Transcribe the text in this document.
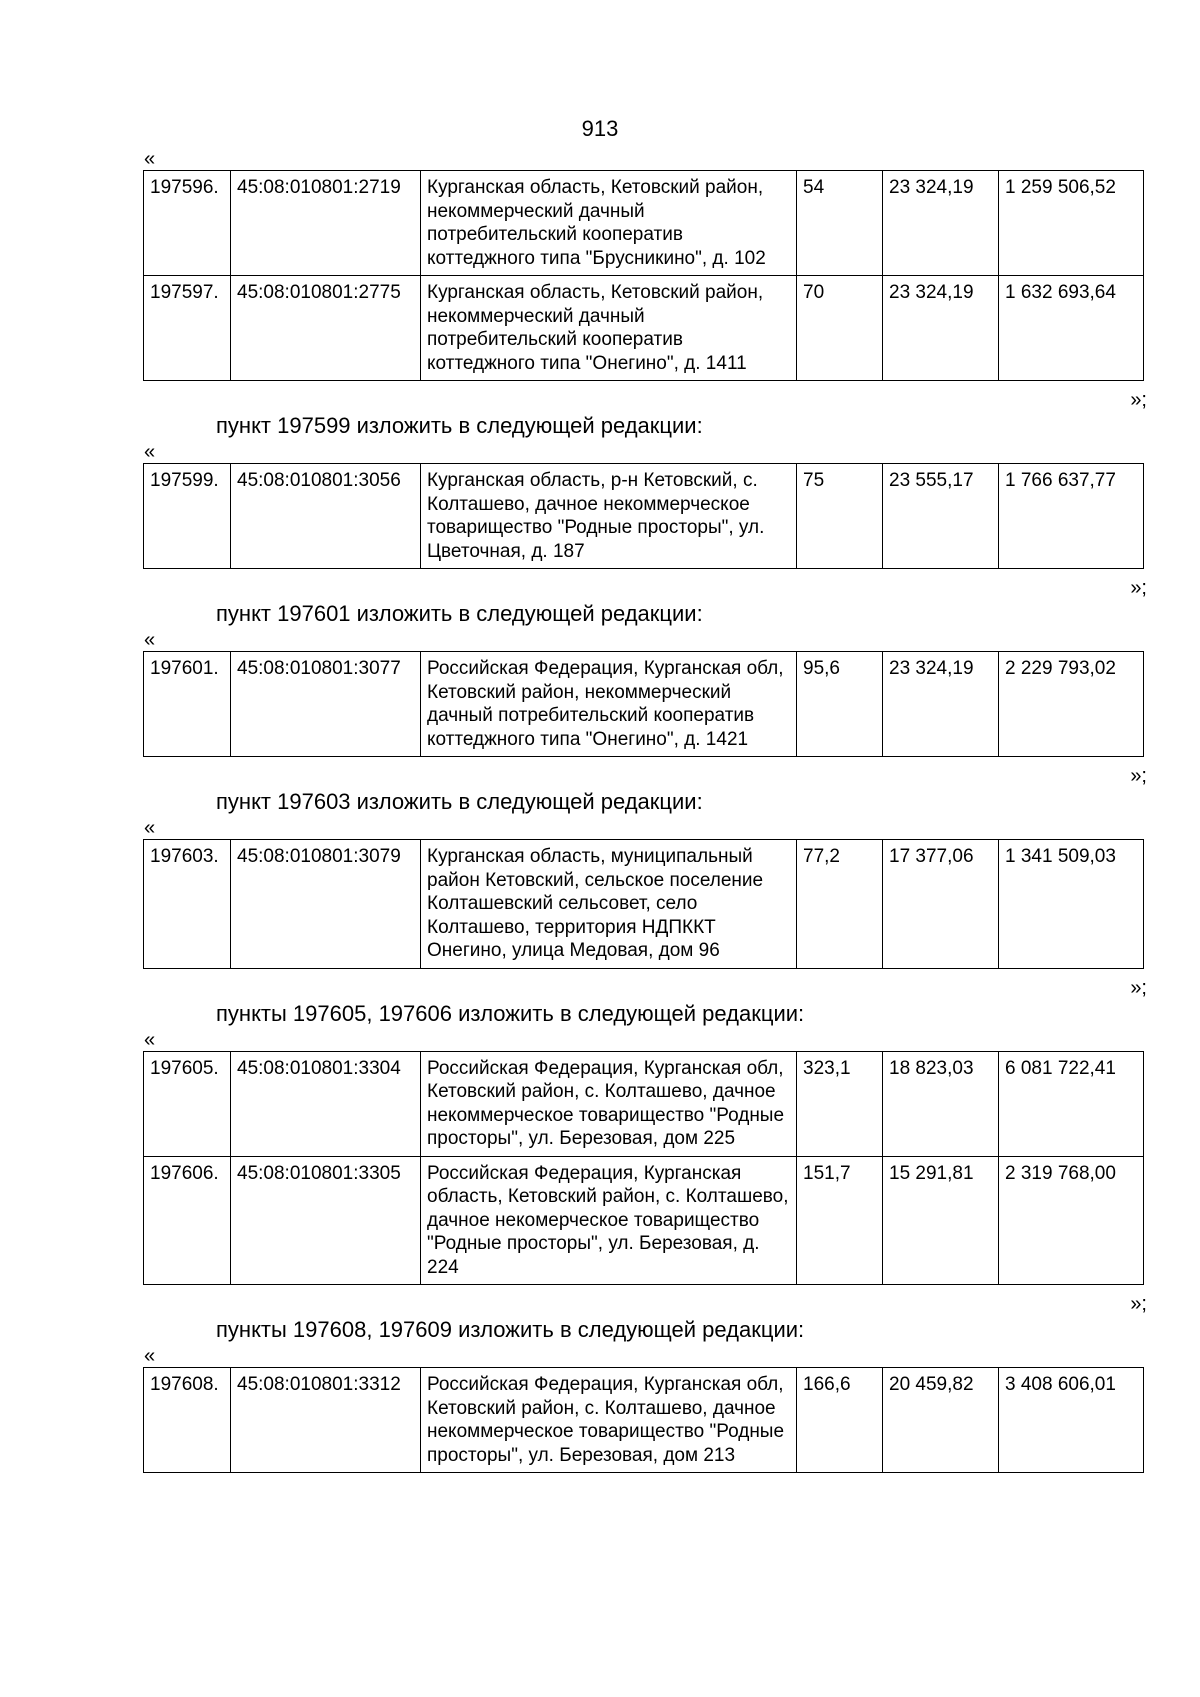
913
«
197596.	45:08:010801:2719	Курганская область, Кетовский район, некоммерческий дачный потребительский кооператив коттеджного типа "Брусникино", д. 102	54	23 324,19	1 259 506,52
197597.	45:08:010801:2775	Курганская область, Кетовский район, некоммерческий дачный потребительский кооператив коттеджного типа "Онегино", д. 1411	70	23 324,19	1 632 693,64
»;
пункт 197599 изложить в следующей редакции:
«
197599.	45:08:010801:3056	Курганская область, р-н Кетовский, с. Колташево, дачное некоммерческое товарищество "Родные просторы", ул. Цветочная, д. 187	75	23 555,17	1 766 637,77
»;
пункт 197601 изложить в следующей редакции:
«
197601.	45:08:010801:3077	Российская Федерация, Курганская обл, Кетовский район, некоммерческий дачный потребительский кооператив коттеджного типа "Онегино", д. 1421	95,6	23 324,19	2 229 793,02
»;
пункт 197603 изложить в следующей редакции:
«
197603.	45:08:010801:3079	Курганская область, муниципальный район Кетовский, сельское поселение Колташевский сельсовет, село Колташево, территория НДПККТ Онегино, улица Медовая, дом 96	77,2	17 377,06	1 341 509,03
»;
пункты 197605, 197606 изложить в следующей редакции:
«
197605.	45:08:010801:3304	Российская Федерация, Курганская обл, Кетовский район, с. Колташево, дачное некоммерческое товарищество "Родные просторы", ул. Березовая, дом 225	323,1	18 823,03	6 081 722,41
197606.	45:08:010801:3305	Российская Федерация, Курганская область, Кетовский район, с. Колташево, дачное некомерческое товарищество "Родные просторы", ул. Березовая, д. 224	151,7	15 291,81	2 319 768,00
»;
пункты 197608, 197609 изложить в следующей редакции:
«
197608.	45:08:010801:3312	Российская Федерация, Курганская обл, Кетовский район, с. Колташево, дачное некоммерческое товарищество "Родные просторы", ул. Березовая, дом 213	166,6	20 459,82	3 408 606,01
